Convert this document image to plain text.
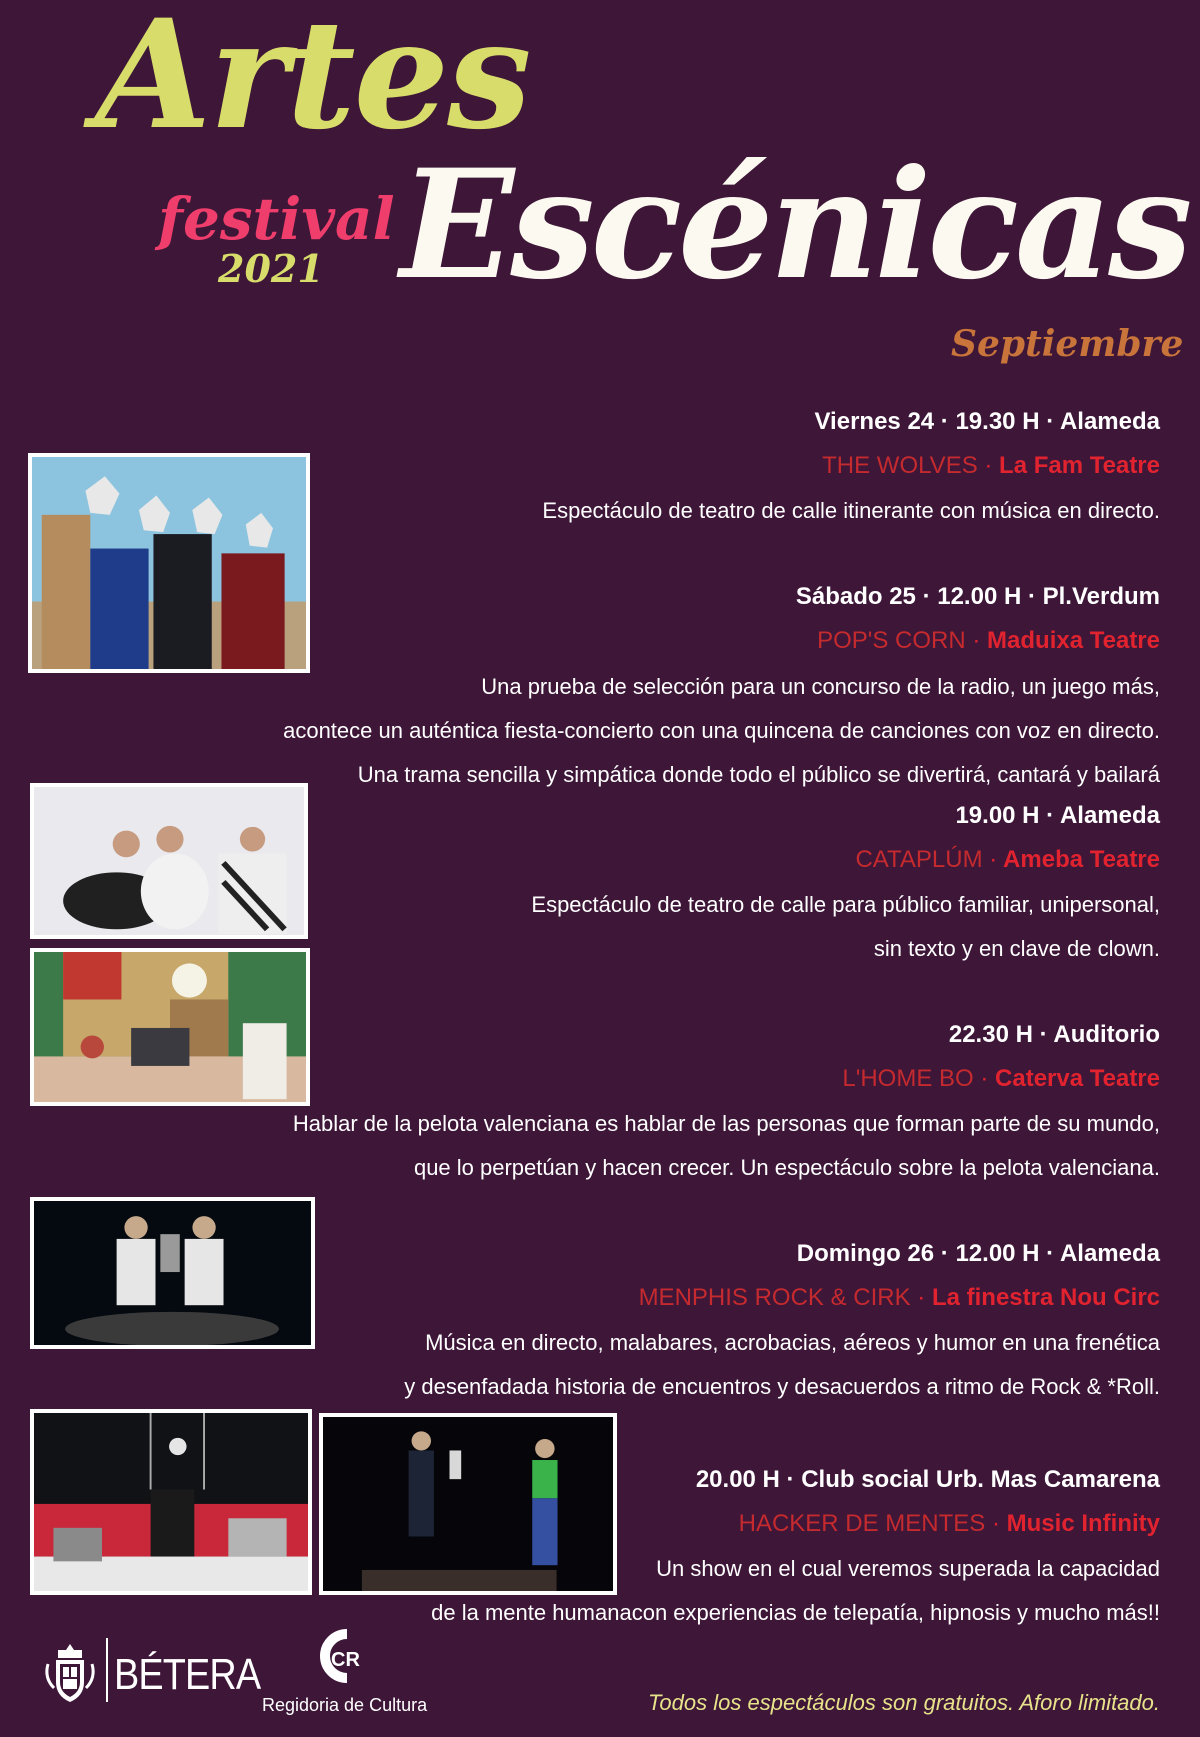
Artes
festival
2021 Escénicas
Septiembre
Viernes 24 · 19.30 H · Alameda
THE WOLVES · La Fam Teatre
Espectáculo de teatro de calle itinerante con música en directo.
Sábado 25 · 12.00 H · Pl.Verdum
POP'S CORN · Maduixa Teatre
Una prueba de selección para un concurso de la radio, un juego más,
acontece un auténtica fiesta-concierto con una quincena de canciones con voz en directo.
Una trama sencilla y simpática donde todo el público se divertirá, cantará y bailará
19.00 H · Alameda
CATAPLÚM · Ameba Teatre
Espectáculo de teatro de calle para público familiar, unipersonal,
sin texto y en clave de clown.
22.30 H · Auditorio
L'HOME BO · Caterva Teatre
Hablar de la pelota valenciana es hablar de las personas que forman parte de su mundo,
que lo perpetúan y hacen crecer. Un espectáculo sobre la pelota valenciana.
Domingo 26 · 12.00 H · Alameda
MENPHIS ROCK & CIRK · La finestra Nou Circ
Música en directo, malabares, acrobacias, aéreos y humor en una frenética
y desenfadada historia de encuentros y desacuerdos a ritmo de Rock & *Roll.
20.00 H · Club social Urb. Mas Camarena
HACKER DE MENTES · Music Infinity
Un show en el cual veremos superada la capacidad
de la mente humanacon experiencias de telepatía, hipnosis y mucho más!!
BÉTERA	CR
Regidoria de Cultura	Todos los espectáculos son gratuitos. Aforo limitado.
